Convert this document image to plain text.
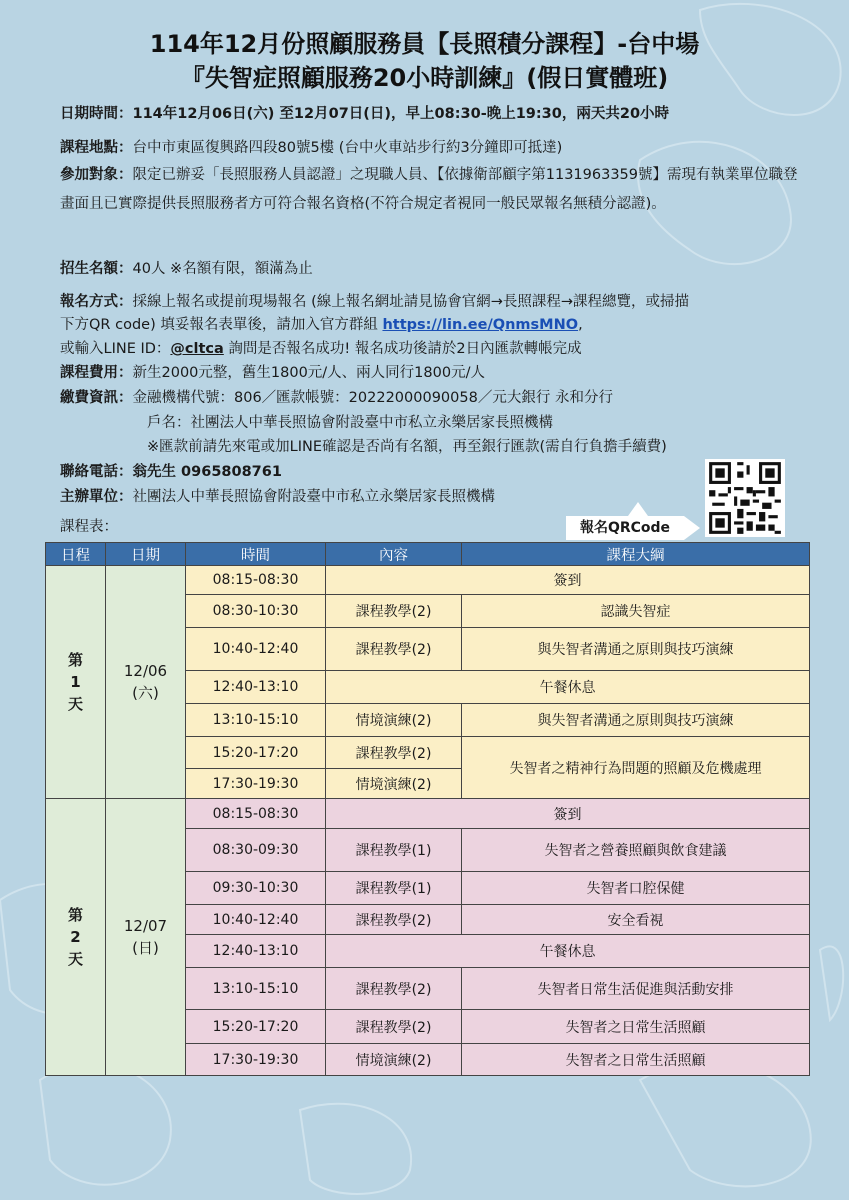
114年12月份照顧服務員【長照積分課程】-台中場
『失智症照顧服務20小時訓練』(假日實體班)
日期時間：114年12月06日(六) 至12月07日(日)，早上08:30-晚上19:30，兩天共20小時
課程地點：台中市東區復興路四段80號5樓 (台中火車站步行約3分鐘即可抵達)
參加對象：限定已辦妥「長照服務人員認證」之現職人員、【依據衛部顧字第1131963359號】需現有執業單位職登畫面且已實際提供長照服務者方可符合報名資格(不符合規定者視同一般民眾報名無積分認證)。
招生名額：40人 ※名額有限，額滿為止
報名方式：採線上報名或提前現場報名 (線上報名網址請見協會官網→長照課程→課程總覽，或掃描
下方QR code) 填妥報名表單後，請加入官方群組 https://lin.ee/QnmsMNO,
或輸入LINE ID：@cltca 詢問是否報名成功! 報名成功後請於2日內匯款轉帳完成
課程費用：新生2000元整，舊生1800元/人、兩人同行1800元/人
繳費資訊：金融機構代號：806／匯款帳號：20222000090058／元大銀行 永和分行
戶名：社團法人中華長照協會附設臺中市私立永樂居家長照機構
※匯款前請先來電或加LINE確認是否尚有名額，再至銀行匯款(需自行負擔手續費)
聯絡電話：翁先生 0965808761
主辦單位：社團法人中華長照協會附設臺中市私立永樂居家長照機構
課程表：	報名QRCode
日程	日期	時間	內容	課程大綱
第
1
天	12/06
(六)	08:15-08:30	簽到	
		08:30-10:30	課程教學(2)	認識失智症
		10:40-12:40	課程教學(2)	與失智者溝通之原則與技巧演練
		12:40-13:10	午餐休息	
		13:10-15:10	情境演練(2)	與失智者溝通之原則與技巧演練
		15:20-17:20	課程教學(2)	失智者之精神行為問題的照顧及危機處理
		17:30-19:30	情境演練(2)	
第
2
天	12/07
(日)	08:15-08:30	簽到	
		08:30-09:30	課程教學(1)	失智者之營養照顧與飲食建議
		09:30-10:30	課程教學(1)	失智者口腔保健
		10:40-12:40	課程教學(2)	安全看視
		12:40-13:10	午餐休息	
		13:10-15:10	課程教學(2)	失智者日常生活促進與活動安排
		15:20-17:20	課程教學(2)	失智者之日常生活照顧
		17:30-19:30	情境演練(2)	失智者之日常生活照顧
